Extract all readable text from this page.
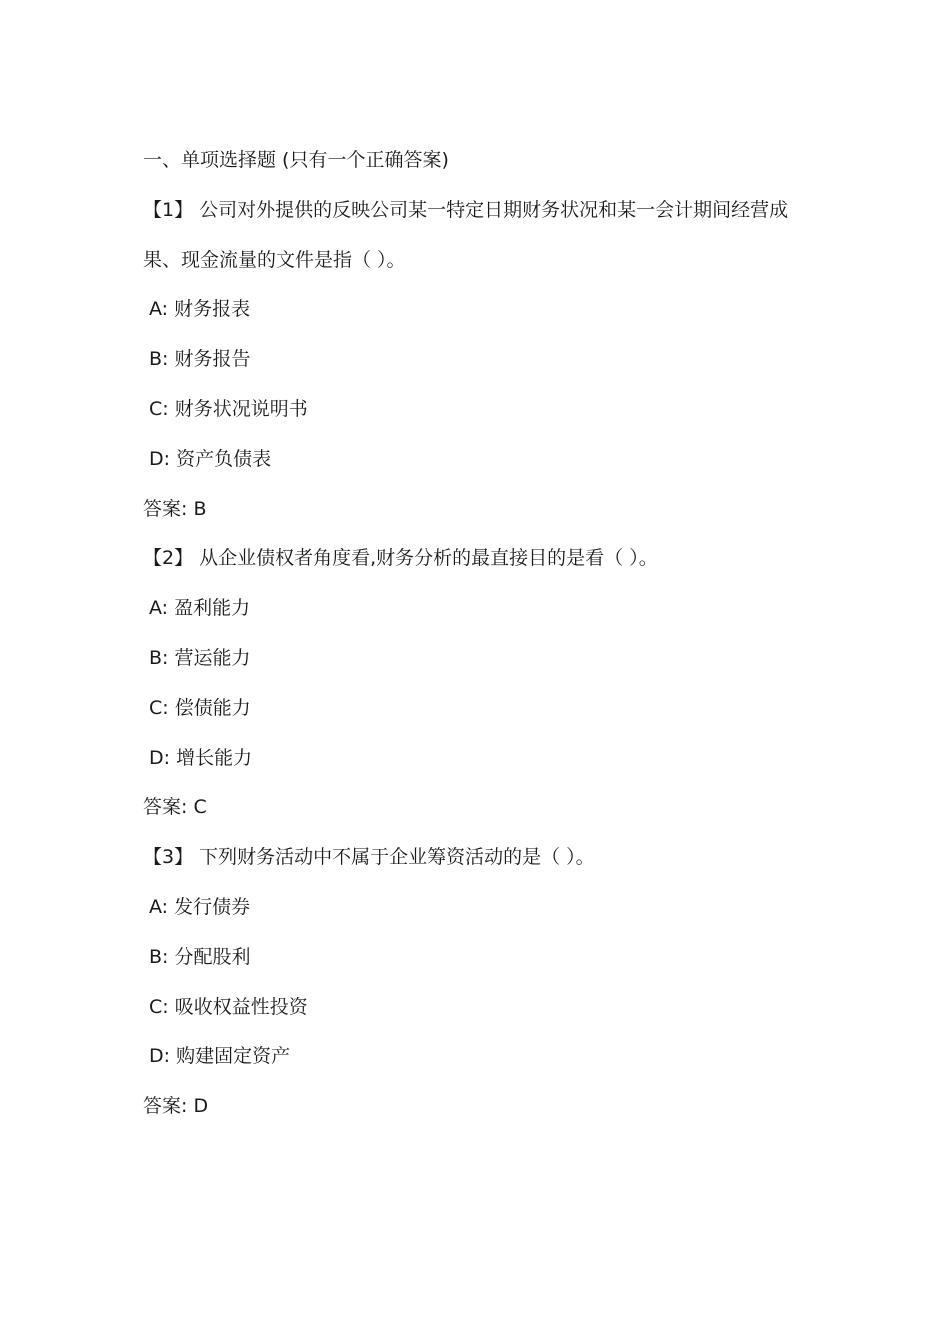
一、单项选择题 (只有一个正确答案)
【1】 公司对外提供的反映公司某一特定日期财务状况和某一会计期间经营成果、现金流量的文件是指（ ）。
A: 财务报表
B: 财务报告
C: 财务状况说明书
D: 资产负债表
答案: B
【2】 从企业债权者角度看,财务分析的最直接目的是看（ ）。
A: 盈利能力
B: 营运能力
C: 偿债能力
D: 增长能力
答案: C
【3】 下列财务活动中不属于企业筹资活动的是（ ）。
A: 发行债券
B: 分配股利
C: 吸收权益性投资
D: 购建固定资产
答案: D
